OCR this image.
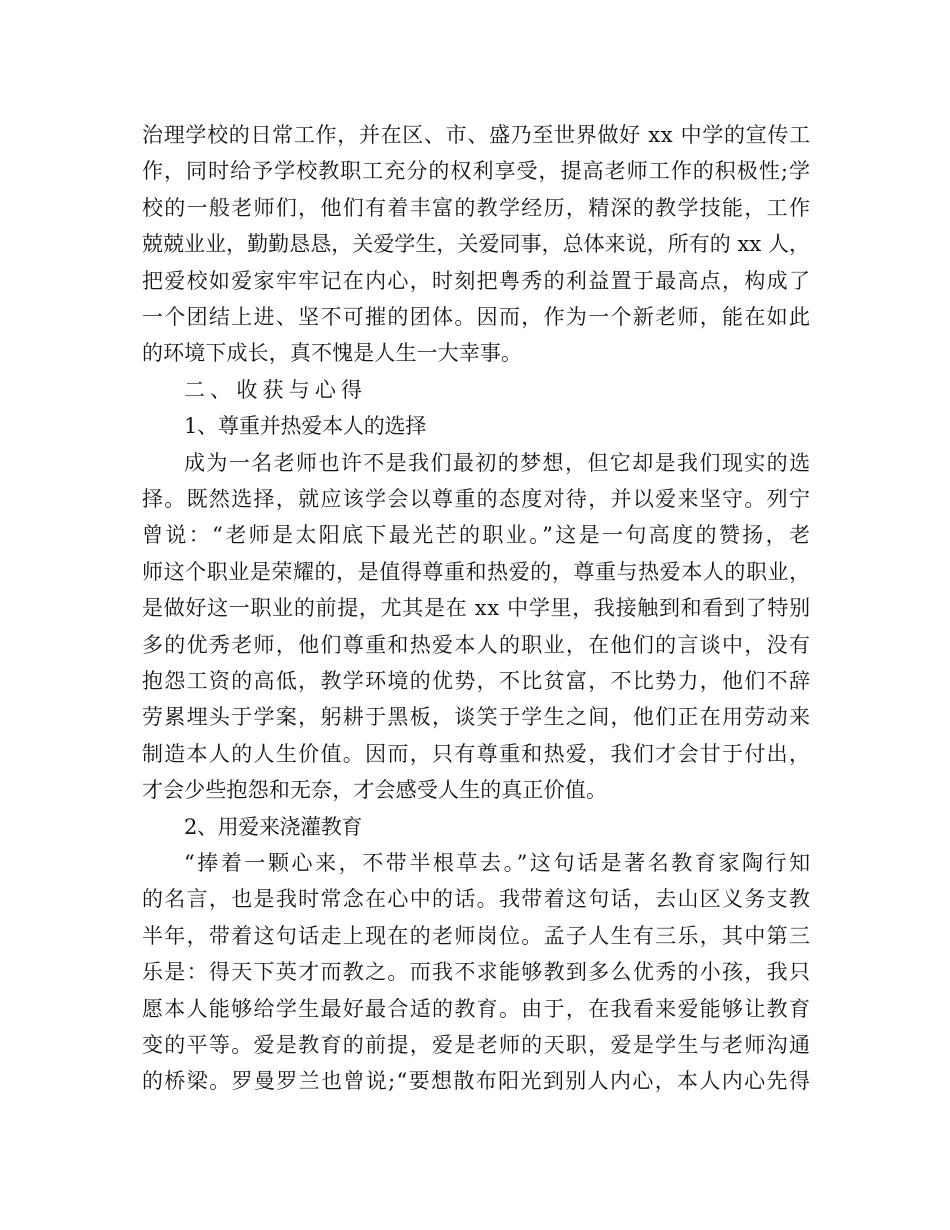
治理学校的日常工作，并在区、市、盛乃至世界做好 xx 中学的宣传工
作，同时给予学校教职工充分的权利享受，提高老师工作的积极性;学
校的一般老师们，他们有着丰富的教学经历，精深的教学技能，工作
兢兢业业，勤勤恳恳，关爱学生，关爱同事，总体来说，所有的 xx 人，
把爱校如爱家牢牢记在内心，时刻把粤秀的利益置于最高点，构成了
一个团结上进、坚不可摧的团体。因而，作为一个新老师，能在如此
的环境下成长，真不愧是人生一大幸事。
二、收获与心得
1、尊重并热爱本人的选择
成为一名老师也许不是我们最初的梦想，但它却是我们现实的选
择。既然选择，就应该学会以尊重的态度对待，并以爱来坚守。列宁
曾说：“老师是太阳底下最光芒的职业。”这是一句高度的赞扬，老
师这个职业是荣耀的，是值得尊重和热爱的，尊重与热爱本人的职业，
是做好这一职业的前提，尤其是在 xx 中学里，我接触到和看到了特别
多的优秀老师，他们尊重和热爱本人的职业，在他们的言谈中，没有
抱怨工资的高低，教学环境的优势，不比贫富，不比势力，他们不辞
劳累埋头于学案，躬耕于黑板，谈笑于学生之间，他们正在用劳动来
制造本人的人生价值。因而，只有尊重和热爱，我们才会甘于付出，
才会少些抱怨和无奈，才会感受人生的真正价值。
2、用爱来浇灌教育
“捧着一颗心来，不带半根草去。”这句话是著名教育家陶行知
的名言，也是我时常念在心中的话。我带着这句话，去山区义务支教
半年，带着这句话走上现在的老师岗位。孟子人生有三乐，其中第三
乐是：得天下英才而教之。而我不求能够教到多么优秀的小孩，我只
愿本人能够给学生最好最合适的教育。由于，在我看来爱能够让教育
变的平等。爱是教育的前提，爱是老师的天职，爱是学生与老师沟通
的桥梁。罗曼罗兰也曾说;“要想散布阳光到别人内心，本人内心先得
